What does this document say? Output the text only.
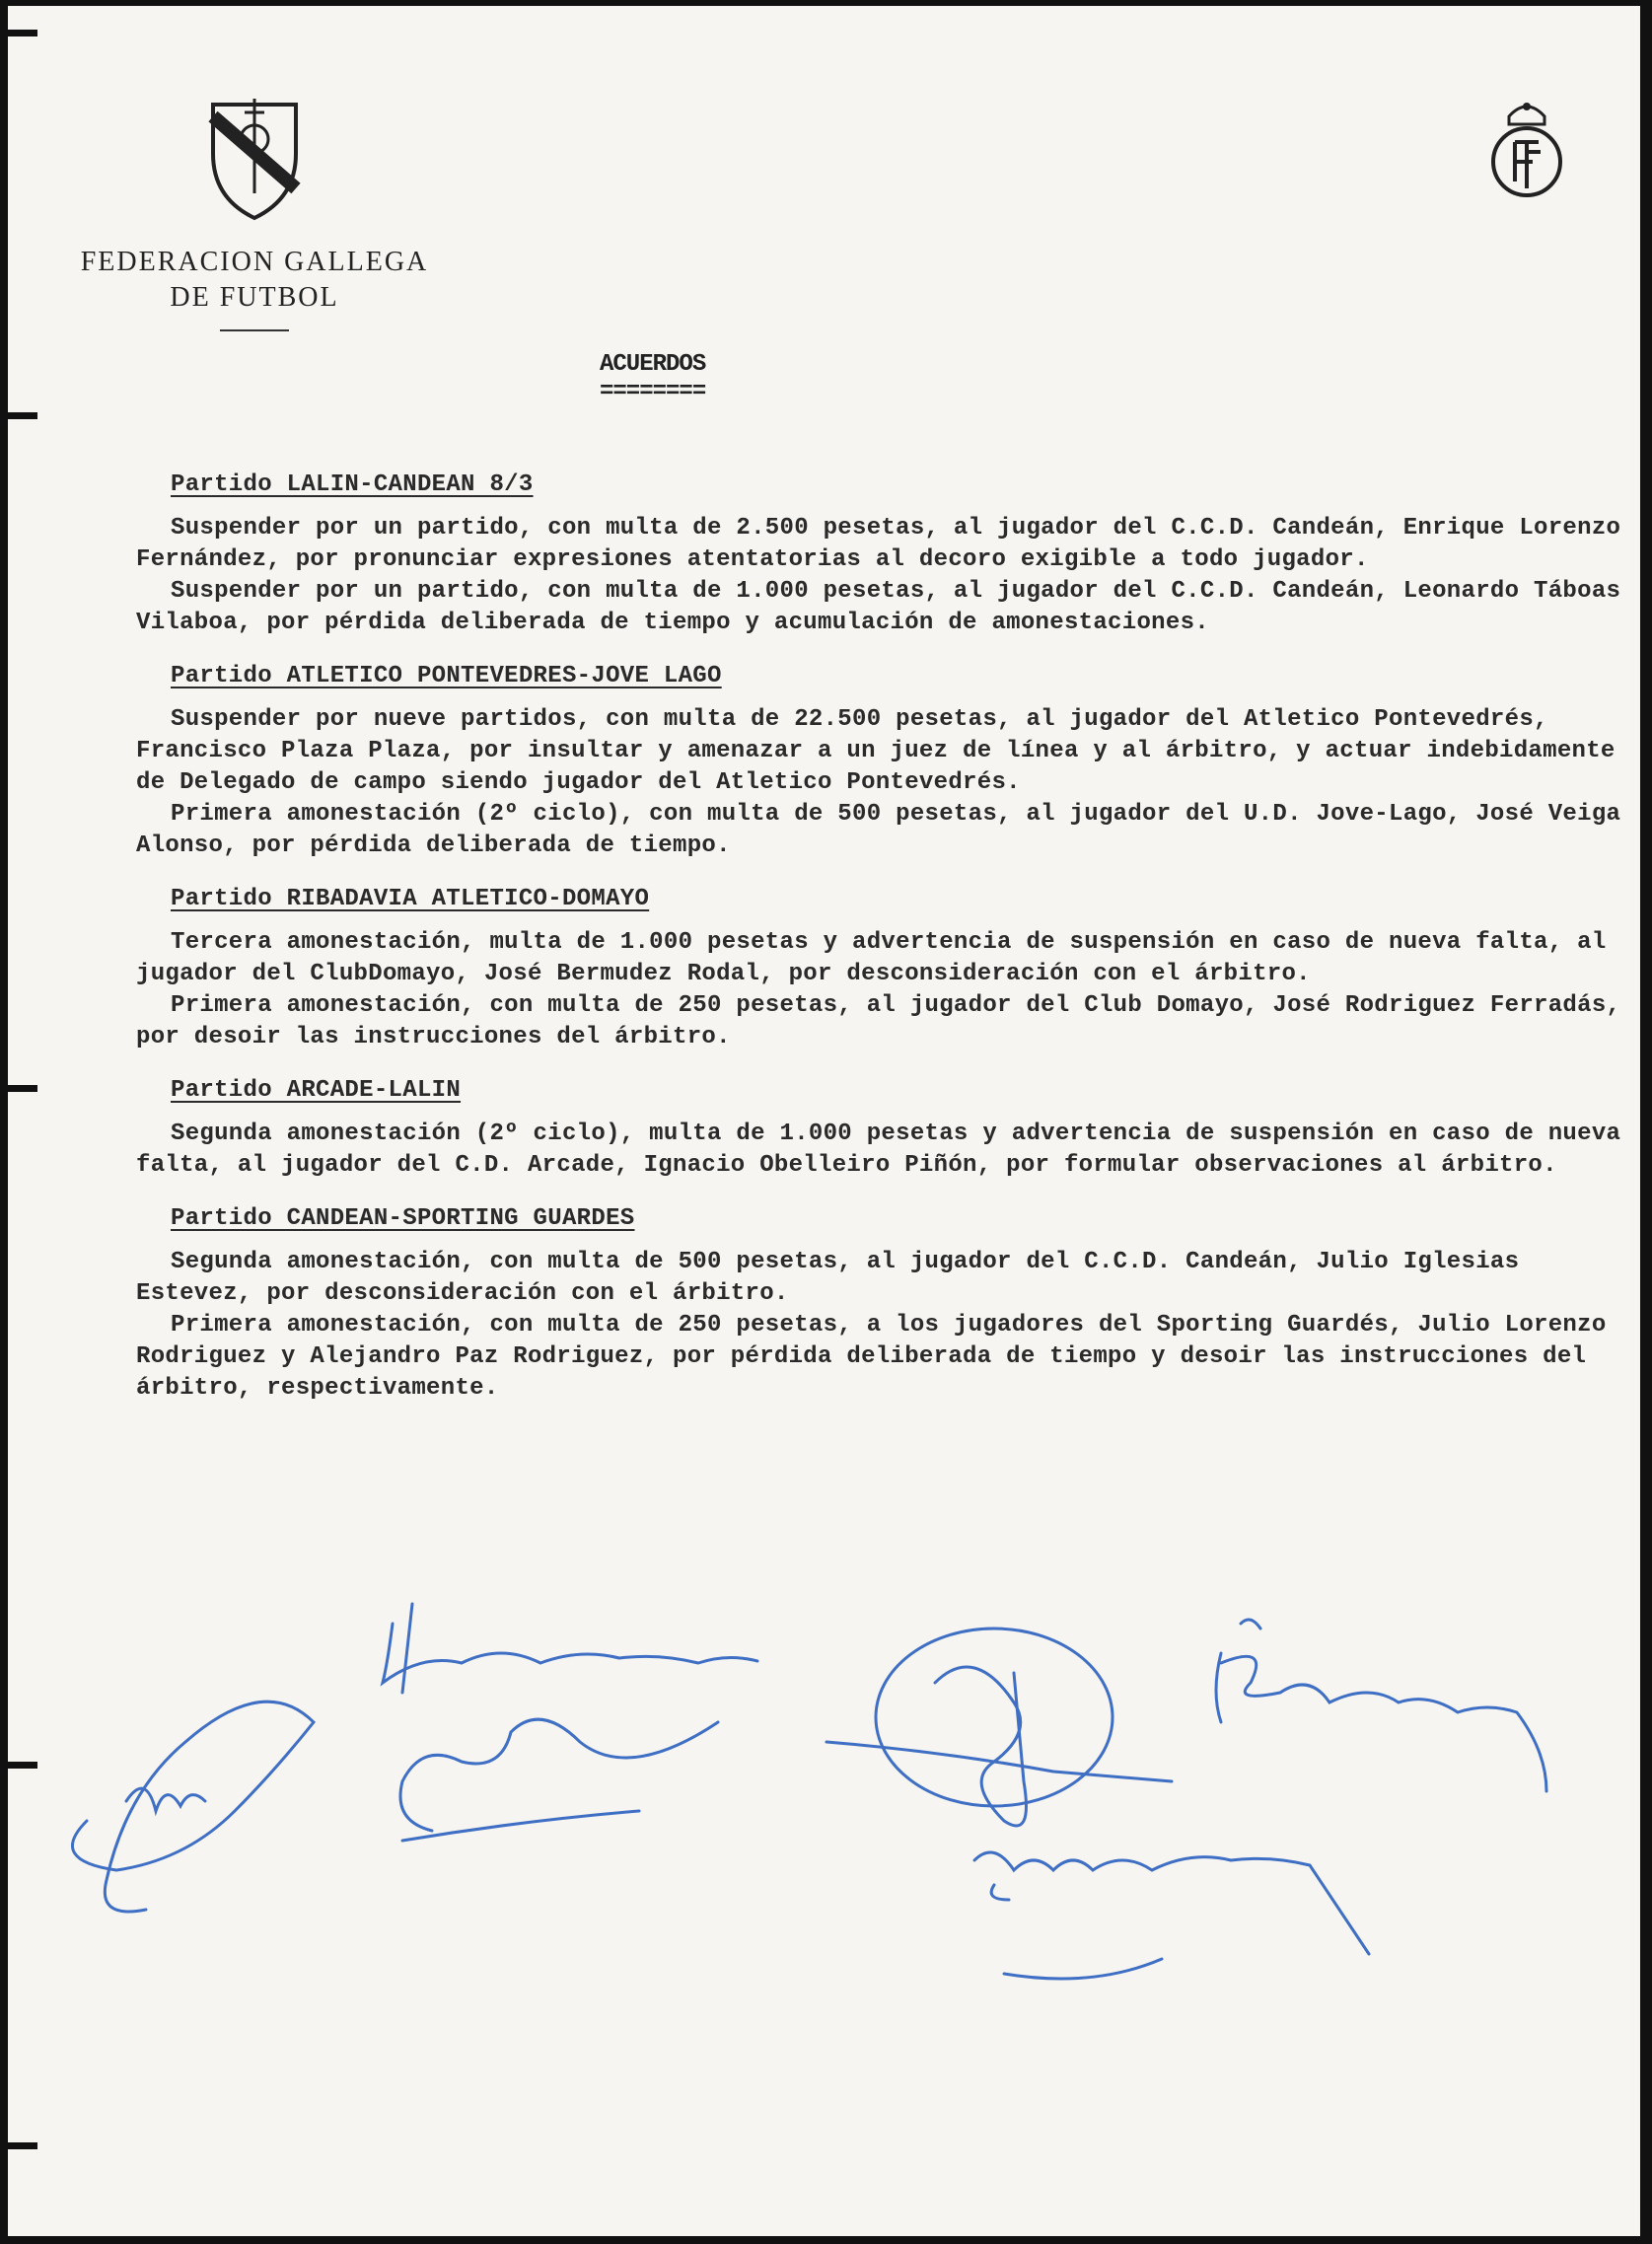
FEDERACION GALLEGA
DE FUTBOL
ACUERDOS
========
Partido LALIN-CANDEAN 8/3

Suspender por un partido, con multa de 2.500 pesetas, al jugador del C.C.D. Candeán, Enrique Lorenzo Fernández, por pronunciar expresiones atentatorias al decoro exigible a todo jugador.

Suspender por un partido, con multa de 1.000 pesetas, al jugador del C.C.D. Candeán, Leonardo Táboas Vilaboa, por pérdida deliberada de tiempo y acumulación de amonestaciones.

Partido ATLETICO PONTEVEDRES-JOVE LAGO

Suspender por nueve partidos, con multa de 22.500 pesetas, al jugador del Atletico Pontevedrés, Francisco Plaza Plaza, por insultar y amenazar a un juez de línea y al árbitro, y actuar indebidamente de Delegado de campo siendo jugador del Atletico Pontevedrés.

Primera amonestación (2º ciclo), con multa de 500 pesetas, al jugador del U.D. Jove-Lago, José Veiga Alonso, por pérdida deliberada de tiempo.

Partido RIBADAVIA ATLETICO-DOMAYO

Tercera amonestación, multa de 1.000 pesetas y advertencia de suspensión en caso de nueva falta, al jugador del ClubDomayo, José Bermudez Rodal, por desconsideración con el árbitro.

Primera amonestación, con multa de 250 pesetas, al jugador del Club Domayo, José Rodriguez Ferradás, por desoir las instrucciones del árbitro.

Partido ARCADE-LALIN

Segunda amonestación (2º ciclo), multa de 1.000 pesetas y advertencia de suspensión en caso de nueva falta, al jugador del C.D. Arcade, Ignacio Obelleiro Piñón, por formular observaciones al árbitro.

Partido CANDEAN-SPORTING GUARDES

Segunda amonestación, con multa de 500 pesetas, al jugador del C.C.D. Candeán, Julio Iglesias Estevez, por desconsideración con el árbitro.

Primera amonestación, con multa de 250 pesetas, a los jugadores del Sporting Guardés, Julio Lorenzo Rodriguez y Alejandro Paz Rodriguez, por pérdida deliberada de tiempo y desoir las instrucciones del árbitro, respectivamente.
